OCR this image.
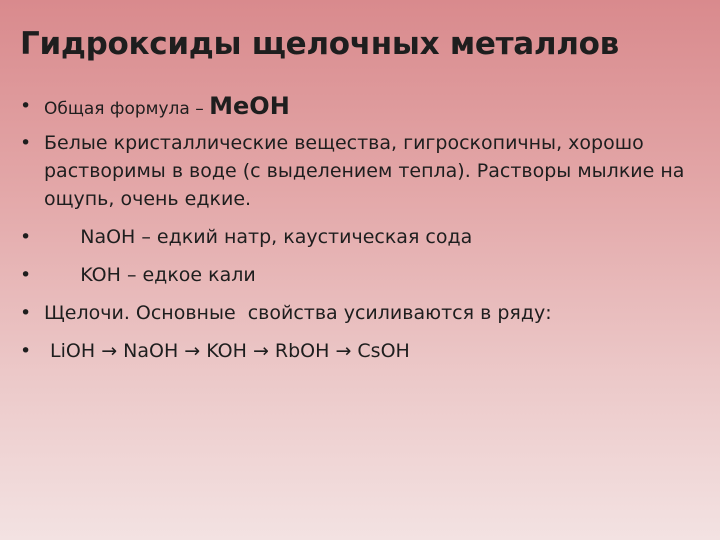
Гидроксиды щелочных металлов
• Общая формула – MeOH
• Белые кристаллические вещества, гигроскопичны, хорошо растворимы в воде (с выделением тепла). Растворы мылкие на ощупь, очень едкие.
• NaOH – едкий натр, каустическая сода
• KOH – едкое кали
• Щелочи. Основные  свойства усиливаются в ряду:
• LiOH → NaOH → KOH → RbOH → CsOH
